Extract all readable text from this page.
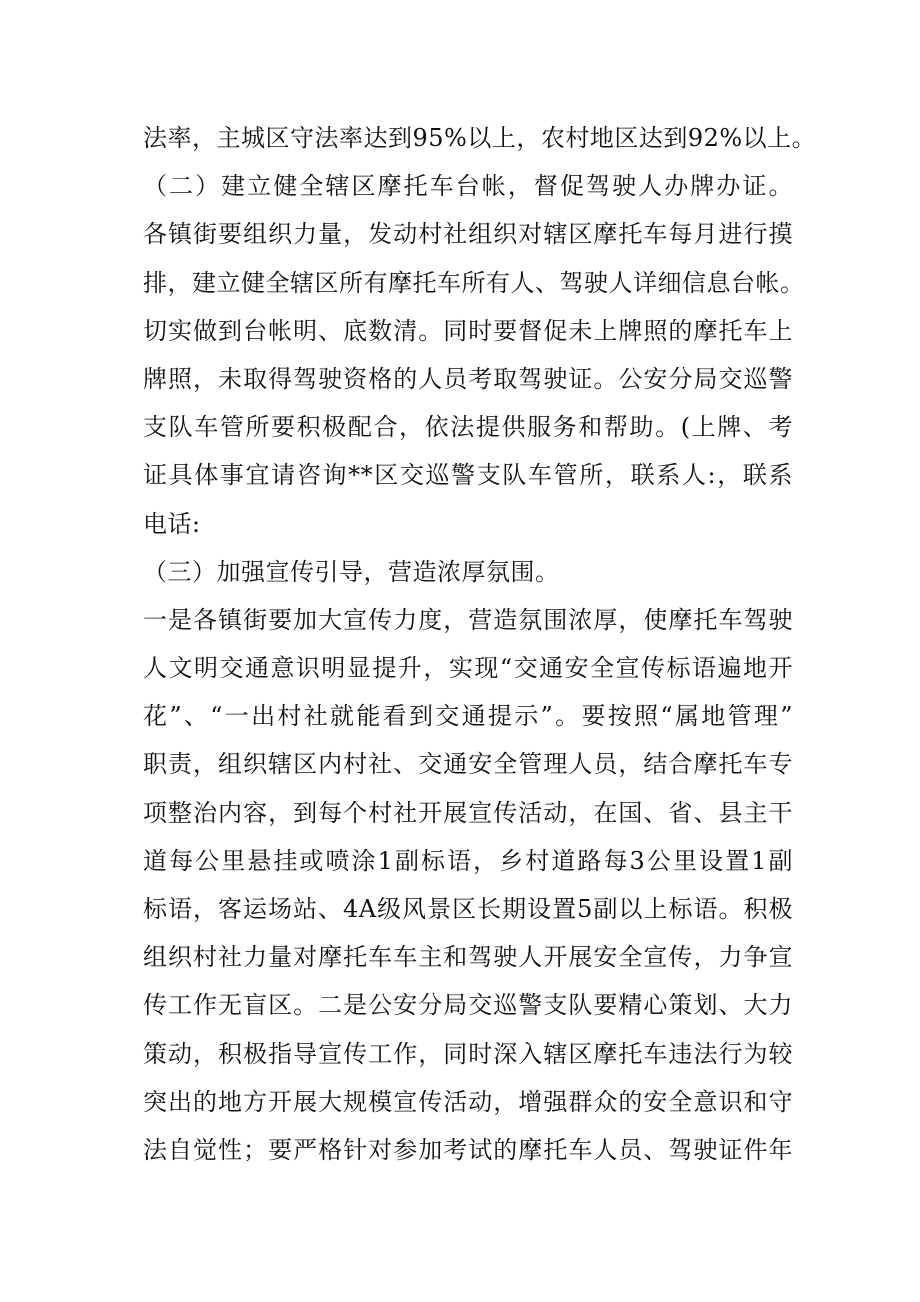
法率，主城区守法率达到95%以上，农村地区达到92%以上。
（二）建立健全辖区摩托车台帐，督促驾驶人办牌办证。
各镇街要组织力量，发动村社组织对辖区摩托车每月进行摸
排，建立健全辖区所有摩托车所有人、驾驶人详细信息台帐。
切实做到台帐明、底数清。同时要督促未上牌照的摩托车上
牌照，未取得驾驶资格的人员考取驾驶证。公安分局交巡警
支队车管所要积极配合，依法提供服务和帮助。(上牌、考
证具体事宜请咨询**区交巡警支队车管所，联系人:，联系
电话:
（三）加强宣传引导，营造浓厚氛围。
一是各镇街要加大宣传力度，营造氛围浓厚，使摩托车驾驶
人文明交通意识明显提升，实现“交通安全宣传标语遍地开
花”、“一出村社就能看到交通提示”。要按照“属地管理”
职责，组织辖区内村社、交通安全管理人员，结合摩托车专
项整治内容，到每个村社开展宣传活动，在国、省、县主干
道每公里悬挂或喷涂1副标语，乡村道路每3公里设置1副
标语，客运场站、4A级风景区长期设置5副以上标语。积极
组织村社力量对摩托车车主和驾驶人开展安全宣传，力争宣
传工作无盲区。二是公安分局交巡警支队要精心策划、大力
策动，积极指导宣传工作，同时深入辖区摩托车违法行为较
突出的地方开展大规模宣传活动，增强群众的安全意识和守
法自觉性；要严格针对参加考试的摩托车人员、驾驶证件年
